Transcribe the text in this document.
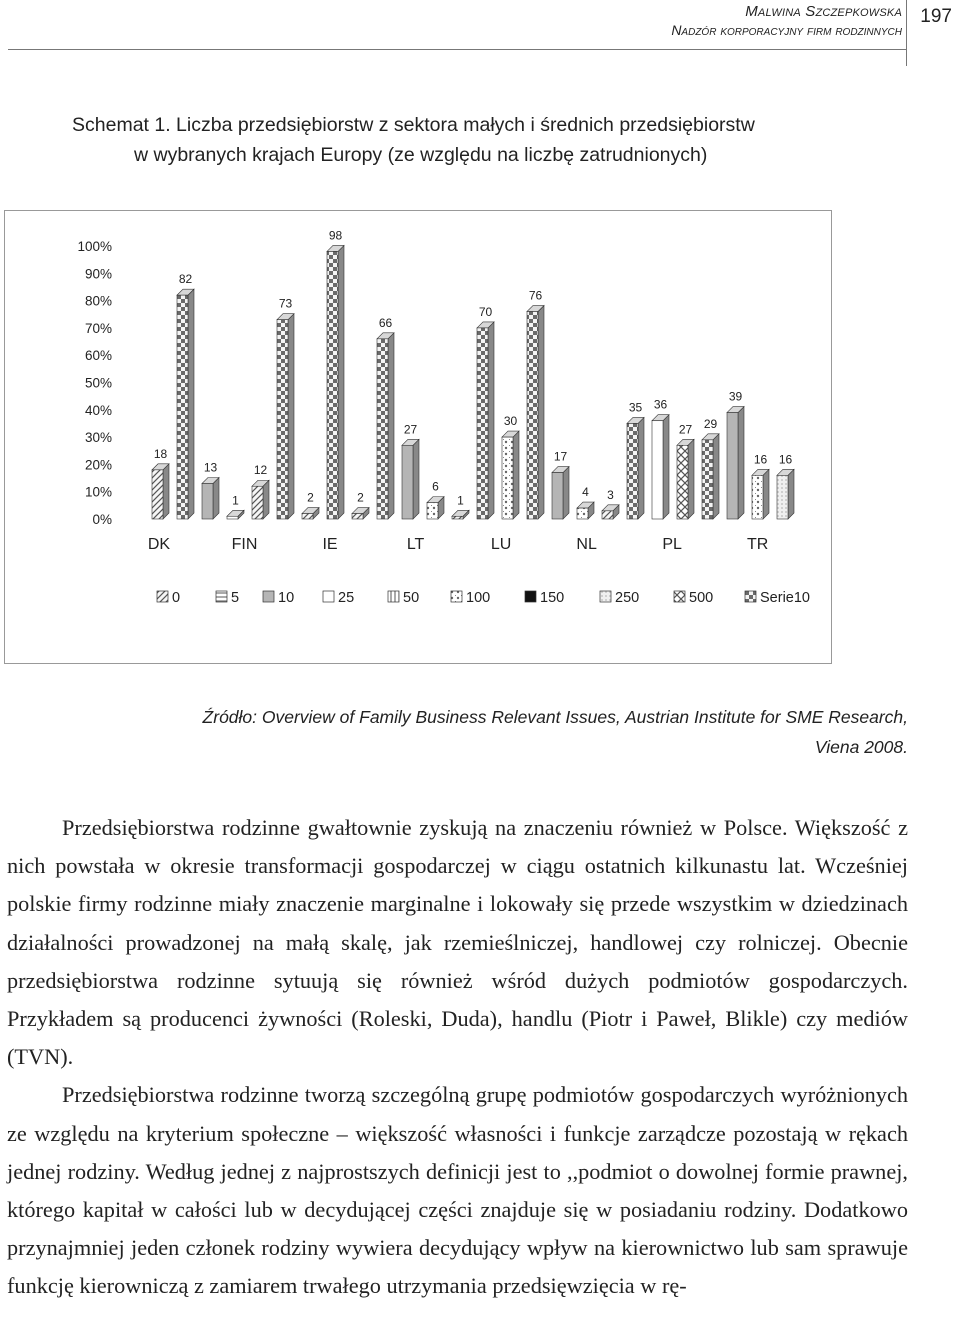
Malwina Szczepkowska
Nadzór korporacyjny firm rodzinnych
197
Schemat 1. Liczba przedsiębiorstw z sektora małych i średnich przedsiębiorstw
w wybranych krajach Europy (ze względu na liczbę zatrudnionych)
0%
10%
20%
30%
40%
50%
60%
70%
80%
90%
100%
18
82
13
1
12
73
2
98
2
66
27
6
1
70
30
76
17
4 3
35 36
27 29
39
16 16
DK	FIN	IE	LT	LU	NL	PL	TR
0	5	10	25	50	100	150	250	500	Serie10
Źródło: Overview of Family Business Relevant Issues, Austrian Institute for SME Research,
Viena 2008.

Przedsiębiorstwa rodzinne gwałtownie zyskują na znaczeniu również w Polsce. Większość z nich powstała w okresie transformacji gospodarczej w ciągu ostatnich kilkunastu lat. Wcześniej polskie firmy rodzinne miały znaczenie marginalne i lokowały się przede wszystkim w dziedzinach działalności prowadzonej na małą skalę, jak rzemieślniczej, handlowej czy rolniczej. Obecnie przedsiębiorstwa rodzinne sytuują się również wśród dużych podmiotów gospodarczych. Przykładem są producenci żywności (Roleski, Duda), handlu (Piotr i Paweł, Blikle) czy mediów (TVN).

Przedsiębiorstwa rodzinne tworzą szczególną grupę podmiotów gospodarczych wyróżnionych ze względu na kryterium społeczne – większość własności i funkcje zarządcze pozostają w rękach jednej rodziny. Według jednej z najprostszych definicji jest to ,,podmiot o dowolnej formie prawnej, którego kapitał w całości lub w decydującej części znajduje się w posiadaniu rodziny. Dodatkowo przynajmniej jeden członek rodziny wywiera decydujący wpływ na kierownictwo lub sam sprawuje funkcję kierowniczą z zamiarem trwałego utrzymania przedsięwzięcia w rę-
